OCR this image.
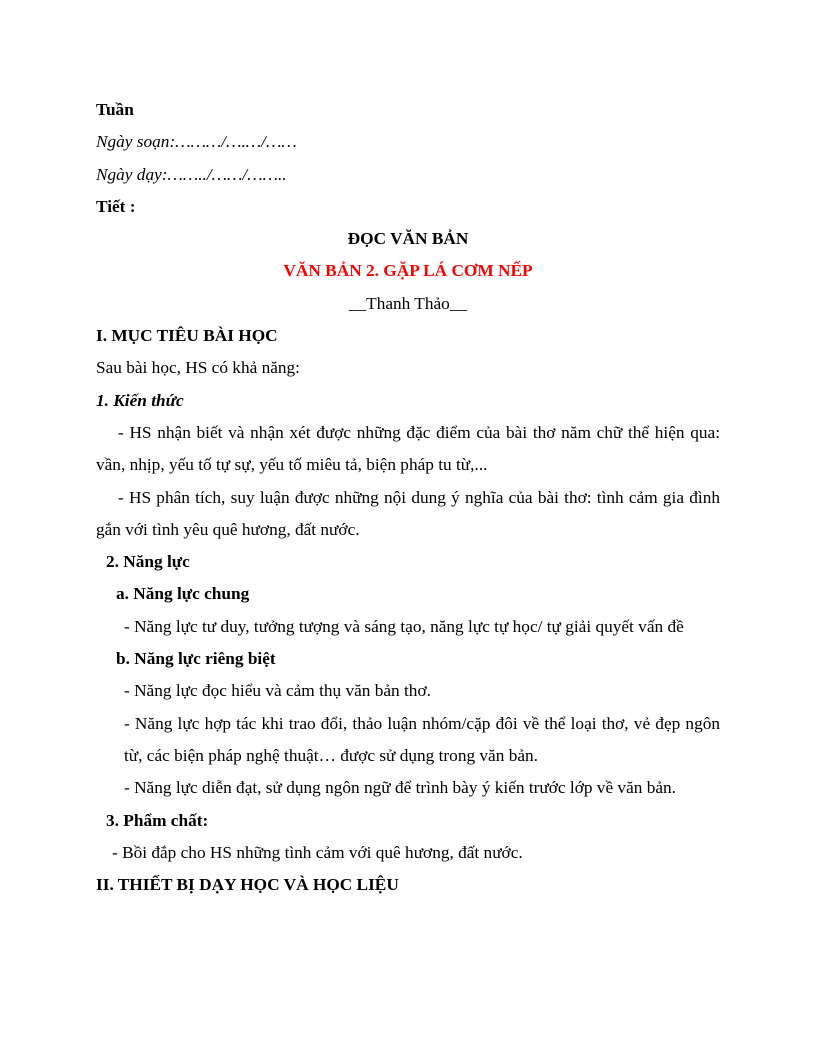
Tuần
Ngày soạn:………/….…/……
Ngày dạy:……../……/……..
Tiết :
ĐỌC VĂN BẢN
VĂN BẢN 2. GẶP LÁ CƠM NẾP
__Thanh Thảo__
I. MỤC TIÊU BÀI HỌC
Sau bài học, HS có khả năng:
1. Kiến thức
- HS nhận biết và nhận xét được những đặc điểm của bài thơ năm chữ thể hiện qua: vần, nhịp, yếu tố tự sự, yếu tố miêu tả, biện pháp tu từ,...
- HS phân tích, suy luận được những nội dung ý nghĩa của bài thơ: tình cảm gia đình gắn với tình yêu quê hương, đất nước.
2. Năng lực
a. Năng lực chung
- Năng lực tư duy, tưởng tượng và sáng tạo, năng lực tự học/ tự giải quyết vấn đề
b. Năng lực riêng biệt
- Năng lực đọc hiểu và cảm thụ văn bản thơ.
- Năng lực hợp tác khi trao đổi, thảo luận nhóm/cặp đôi về thể loại thơ, vẻ đẹp ngôn từ, các biện pháp nghệ thuật… được sử dụng trong văn bản.
- Năng lực diễn đạt, sử dụng ngôn ngữ để trình bày ý kiến trước lớp về văn bản.
3. Phẩm chất:
- Bồi đắp cho HS những tình cảm với quê hương, đất nước.
II. THIẾT BỊ DẠY HỌC VÀ HỌC LIỆU
